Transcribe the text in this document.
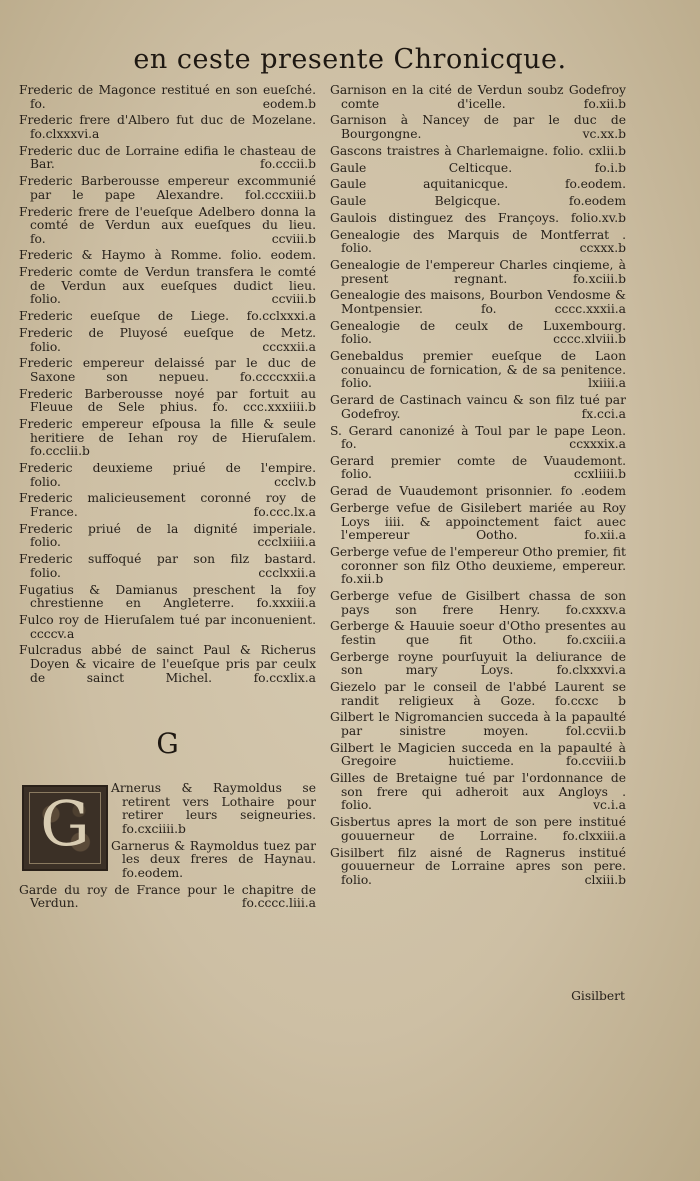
en ceste presente Chronicque.

Frederic de Magonce restitué en son eueſché. fo. eodem.b

Frederic frere d'Albero fut duc de Mozelane. fo.clxxxvi.a

Frederic duc de Lorraine edifia le chasteau de Bar.	fo.cccii.b

Frederic Barberousse empereur excommunié par le pape Alexandre. fol.cccxiii.b

Frederic frere de l'eueſque Adelbero donna la comté de Verdun aux eueſques du lieu. fo. ccviii.b

Frederic & Haymo à Romme. folio. eodem.

Frederic comte de Verdun transfera le comté de Verdun aux eueſques dudict lieu. folio. ccviii.b

Frederic eueſque de Liege. fo.cclxxxi.a

Frederic de Pluyosé eueſque de Metz. folio. cccxxii.a

Frederic empereur delaissé par le duc de Saxone son nepueu.	fo.ccccxxii.a

Frederic Barberousse noyé par fortuit au Fleuue de Sele phius. fo. ccc.xxxiiii.b

Frederic empereur eſpousa la fille & seule heritiere de Iehan roy de Hieruſalem. fo.ccclii.b

Frederic deuxieme priué de l'empire. folio. ccclv.b

Frederic malicieusement coronné roy de France.	fo.ccc.lx.a

Frederic priué de la dignité imperiale. folio. ccclxiiii.a

Frederic suffoqué par son filz bastard. folio. ccclxxii.a

Fugatius & Damianus preschent la foy chrestienne en Angleterre. fo.xxxiii.a

Fulco roy de Hieruſalem tué par inconuenient. ccccv.a

Fulcradus abbé de sainct Paul & Richerus Doyen & vicaire de l'eueſque pris par ceulx de sainct Michel.	fo.ccxlix.a

G
G	Arnerus & Raymoldus se retirent vers Lothaire pour retirer leurs seigneuries. fo.cxciiii.b

Garnerus & Raymoldus tuez par les deux freres de Haynau. fo.eodem.

Garde du roy de France pour le chapitre de Verdun.	fo.cccc.liii.a

Garnison en la cité de Verdun soubz Godefroy comte d'icelle.	fo.xii.b

Garnison à Nancey de par le duc de Bourgongne.	vc.xx.b

Gascons traistres à Charlemaigne. folio. cxlii.b

Gaule Celticque.	fo.i.b

Gaule aquitanicque.	fo.eodem.

Gaule Belgicque.	fo.eodem

Gaulois distinguez des Françoys. folio.xv.b

Genealogie des Marquis de Montferrat . folio. ccxxx.b

Genealogie de l'empereur Charles cinqieme, à present regnant.	fo.xciii.b

Genealogie des maisons, Bourbon Vendosme & Montpensier.	fo. cccc.xxxii.a

Genealogie de ceulx de Luxembourg. folio. cccc.xlviii.b

Genebaldus premier eueſque de Laon conuaincu de fornication, & de sa penitence. folio. lxiiii.a

Gerard de Castinach vaincu & son filz tué par Godefroy.	fx.cci.a

S. Gerard canonizé à Toul par le pape Leon. fo. ccxxxix.a

Gerard premier comte de Vuaudemont. folio. ccxliiii.b

Gerad de Vuaudemont prisonnier. fo .eodem

Gerberge vefue de Gisilebert mariée au Roy Loys iiii. & appoinctement faict auec l'empereur Ootho.	fo.xii.a

Gerberge vefue de l'empereur Otho premier, fit coronner son filz Otho deuxieme, empereur. fo.xii.b

Gerberge vefue de Gisilbert chassa de son pays son frere Henry. fo.cxxxv.a

Gerberge & Hauuie soeur d'Otho presentes au festin que fit Otho. fo.cxciii.a

Gerberge royne pourſuyuit la deliurance de son mary Loys.	fo.clxxxvi.a

Giezelo par le conseil de l'abbé Laurent se randit religieux à Goze. fo.ccxc b

Gilbert le Nigromancien succeda à la papaulté par sinistre moyen.	fol.ccvii.b

Gilbert le Magicien succeda en la papaulté à Gregoire huictieme.	fo.ccviii.b

Gilles de Bretaigne tué par l'ordonnance de son frere qui adheroit aux Angloys . folio. vc.i.a

Gisbertus apres la mort de son pere institué gouuerneur de Lorraine. fo.clxxiii.a

Gisilbert filz aisné de Ragnerus institué gouuerneur de Lorraine apres son pere. folio. clxiii.b

Gisilbert
